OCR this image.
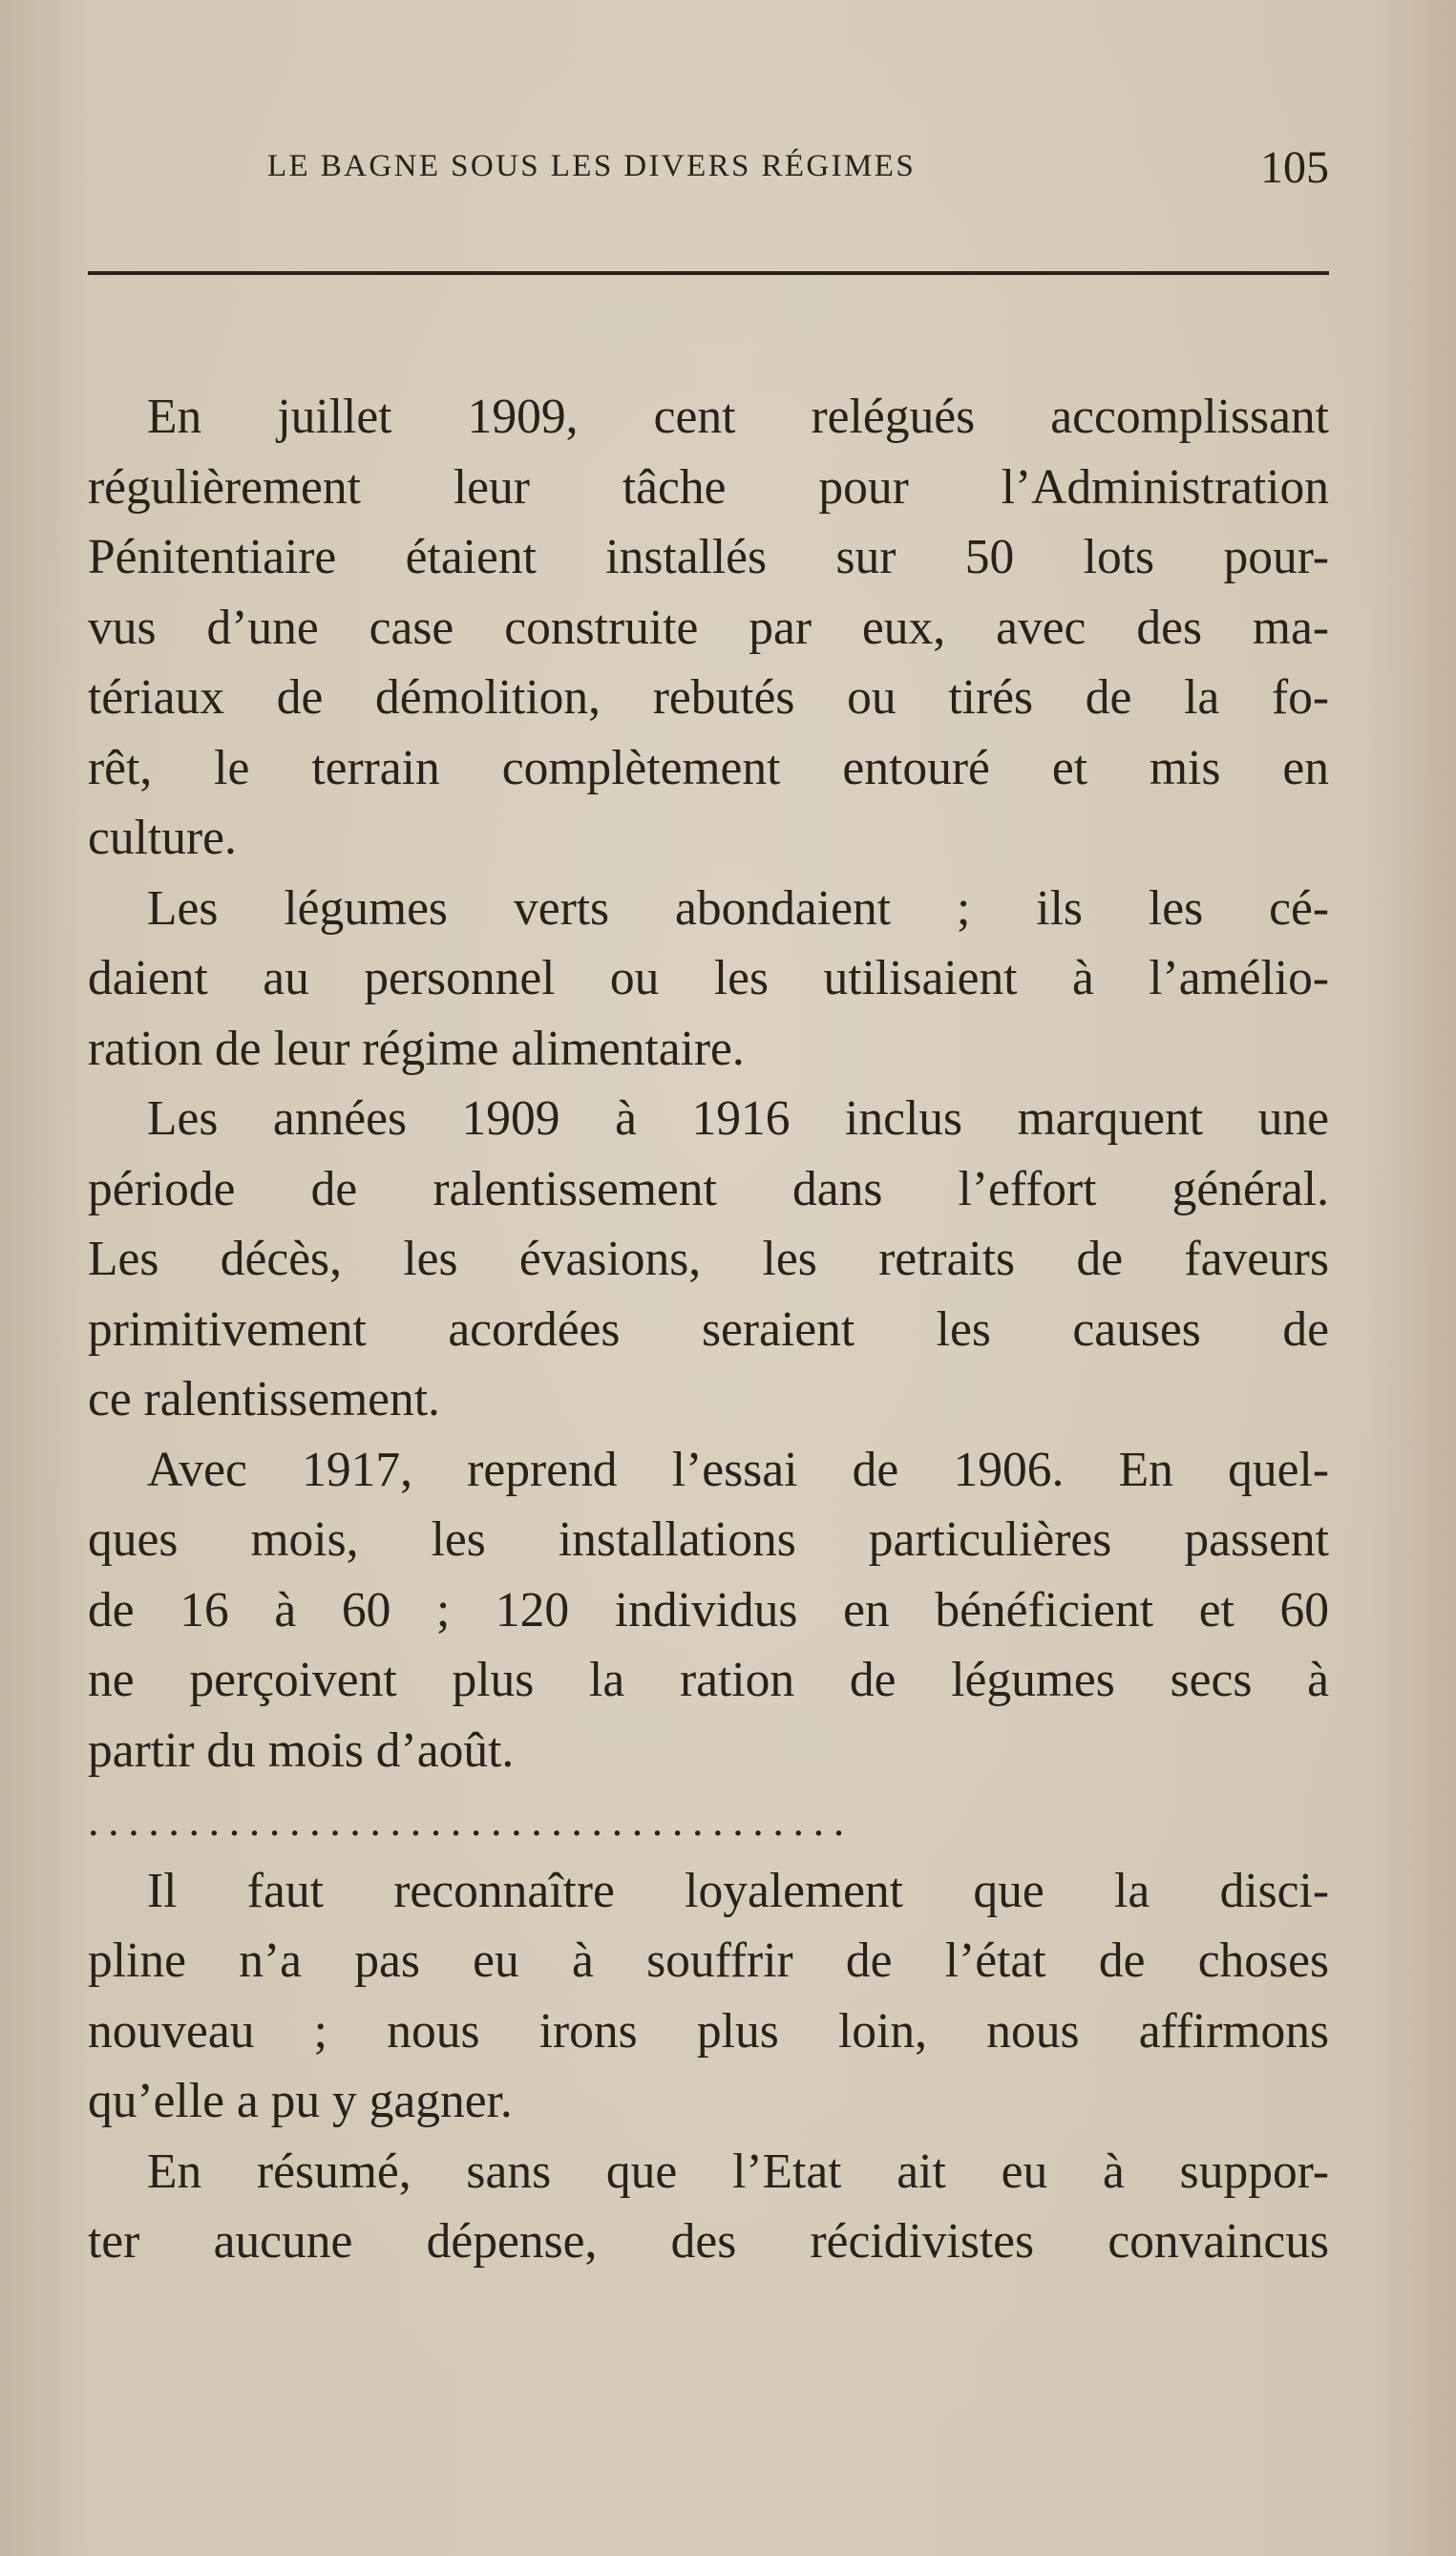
LE BAGNE SOUS LES DIVERS RÉGIMES	105
En juillet 1909, cent relégués accomplissant
régulièrement leur tâche pour l’Administration
Pénitentiaire étaient installés sur 50 lots pour-
vus d’une case construite par eux, avec des ma-
tériaux de démolition, rebutés ou tirés de la fo-
rêt, le terrain complètement entouré et mis en
culture.
Les légumes verts abondaient ; ils les cé-
daient au personnel ou les utilisaient à l’amélio-
ration de leur régime alimentaire.
Les années 1909 à 1916 inclus marquent une
période de ralentissement dans l’effort général.
Les décès, les évasions, les retraits de faveurs
primitivement acordées seraient les causes de
ce ralentissement.
Avec 1917, reprend l’essai de 1906. En quel-
ques mois, les installations particulières passent
de 16 à 60 ; 120 individus en bénéficient et 60
ne perçoivent plus la ration de légumes secs à
partir du mois d’août.
......................................
Il faut reconnaître loyalement que la disci-
pline n’a pas eu à souffrir de l’état de choses
nouveau ; nous irons plus loin, nous affirmons
qu’elle a pu y gagner.
En résumé, sans que l’Etat ait eu à suppor-
ter aucune dépense, des récidivistes convaincus
